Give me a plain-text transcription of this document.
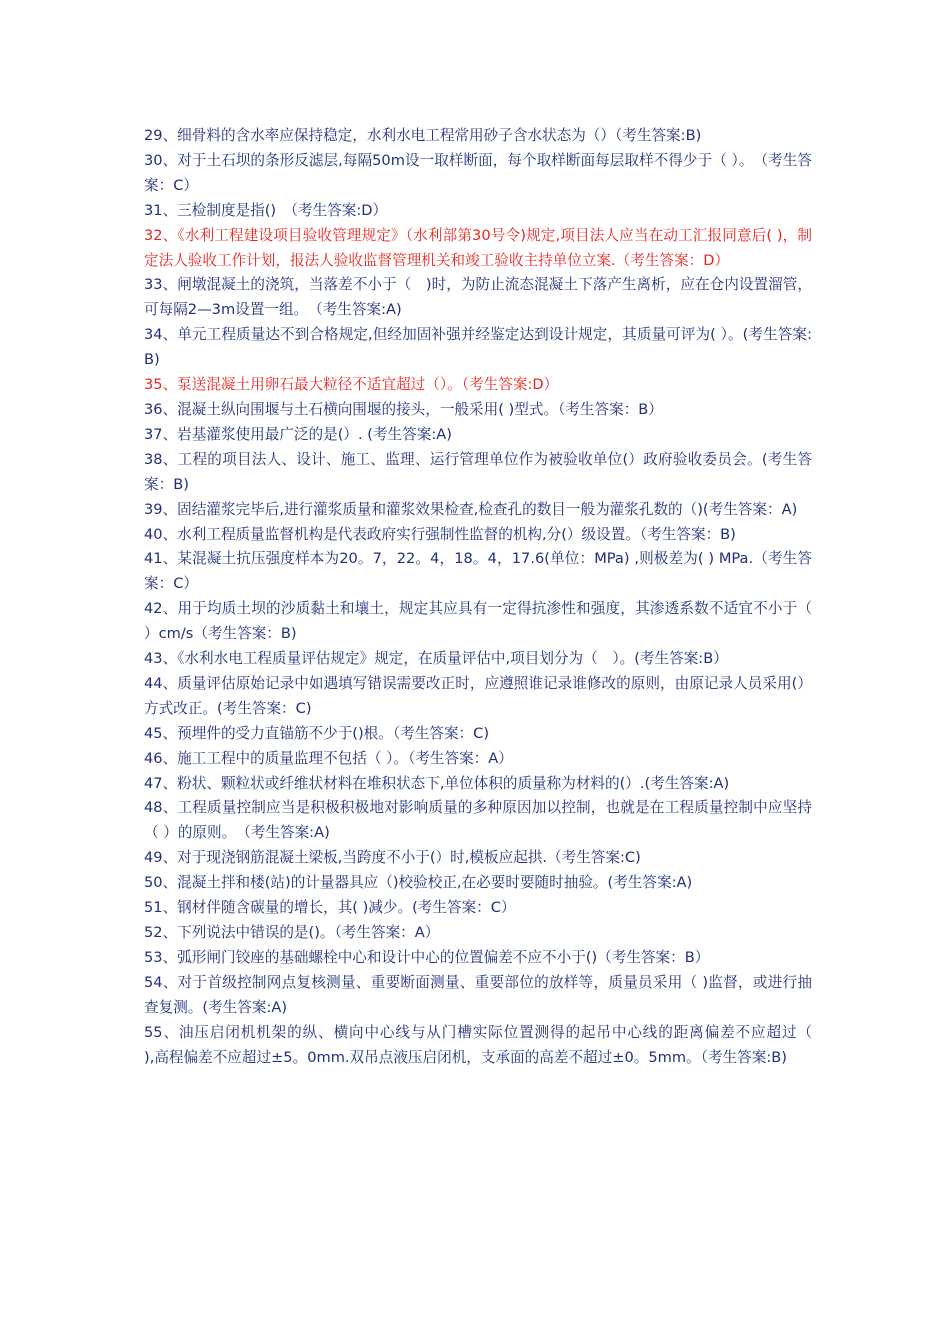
29、细骨料的含水率应保持稳定，水利水电工程常用砂子含水状态为（）（考生答案:B)

30、对于土石坝的条形反滤层,每隔50m设一取样断面，每个取样断面每层取样不得少于（ ）。　（考生答案：C）

31、三检制度是指()　（考生答案:D）

32、《水利工程建设项目验收管理规定》（水利部第30号令)规定,项目法人应当在动工汇报同意后( )，制定法人验收工作计划，报法人验收监督管理机关和竣工验收主持单位立案.（考生答案：D）

33、闸墩混凝土的浇筑，当落差不小于（　)时，为防止流态混凝土下落产生离析，应在仓内设置溜管，可每隔2—3m设置一组。　（考生答案:A)

34、单元工程质量达不到合格规定,但经加固补强并经鉴定达到设计规定，其质量可评为( ）。(考生答案:B)

35、泵送混凝土用卵石最大粒径不适宜超过（）。（考生答案:D）

36、混凝土纵向围堰与土石横向围堰的接头，一般采用( )型式。（考生答案：B）

37、岩基灌浆使用最广泛的是(）. (考生答案:A)

38、工程的项目法人、设计、施工、监理、运行管理单位作为被验收单位(）政府验收委员会。(考生答案：B)

39、固结灌浆完毕后,进行灌浆质量和灌浆效果检查,检查孔的数目一般为灌浆孔数的（)(考生答案：A)

40、水利工程质量监督机构是代表政府实行强制性监督的机构,分(）级设置。（考生答案：B)

41、某混凝土抗压强度样本为20。7，22。4，18。4，17.6(单位：MPa) ,则极差为( ) MPa.（考生答案：C）

42、用于均质土坝的沙质黏土和壤土，规定其应具有一定得抗渗性和强度，其渗透系数不适宜不小于（ ）cm/s（考生答案：B)

43、《水利水电工程质量评估规定》规定，在质量评估中,项目划分为（　）。(考生答案:B）

44、质量评估原始记录中如遇填写错误需要改正时，应遵照谁记录谁修改的原则，由原记录人员采用(）方式改正。(考生答案：C)

45、预埋件的受力直锚筋不少于()根。（考生答案：C)

46、施工工程中的质量监理不包括（ ）。（考生答案：A）

47、粉状、颗粒状或纤维状材料在堆积状态下,单位体积的质量称为材料的(）.(考生答案:A)

48、工程质量控制应当是积极积极地对影响质量的多种原因加以控制，也就是在工程质量控制中应坚持（ ）的原则。　（考生答案:A)

49、对于现浇钢筋混凝土梁板,当跨度不小于(）时,模板应起拱.（考生答案:C)

50、混凝土拌和楼(站)的计量器具应（)校验校正,在必要时要随时抽验。(考生答案:A)

51、钢材伴随含碳量的增长，其( )减少。(考生答案：C）

52、下列说法中错误的是()。（考生答案：A）

53、弧形闸门铰座的基础螺栓中心和设计中心的位置偏差不应不小于()（考生答案：B）

54、对于首级控制网点复核测量、重要断面测量、重要部位的放样等，质量员采用（ )监督，或进行抽查复测。(考生答案:A)

55、油压启闭机机架的纵、横向中心线与从门槽实际位置测得的起吊中心线的距离偏差不应超过（　　),高程偏差不应超过±5。0mm.双吊点液压启闭机，支承面的高差不超过±0。5mm。（考生答案:B)
